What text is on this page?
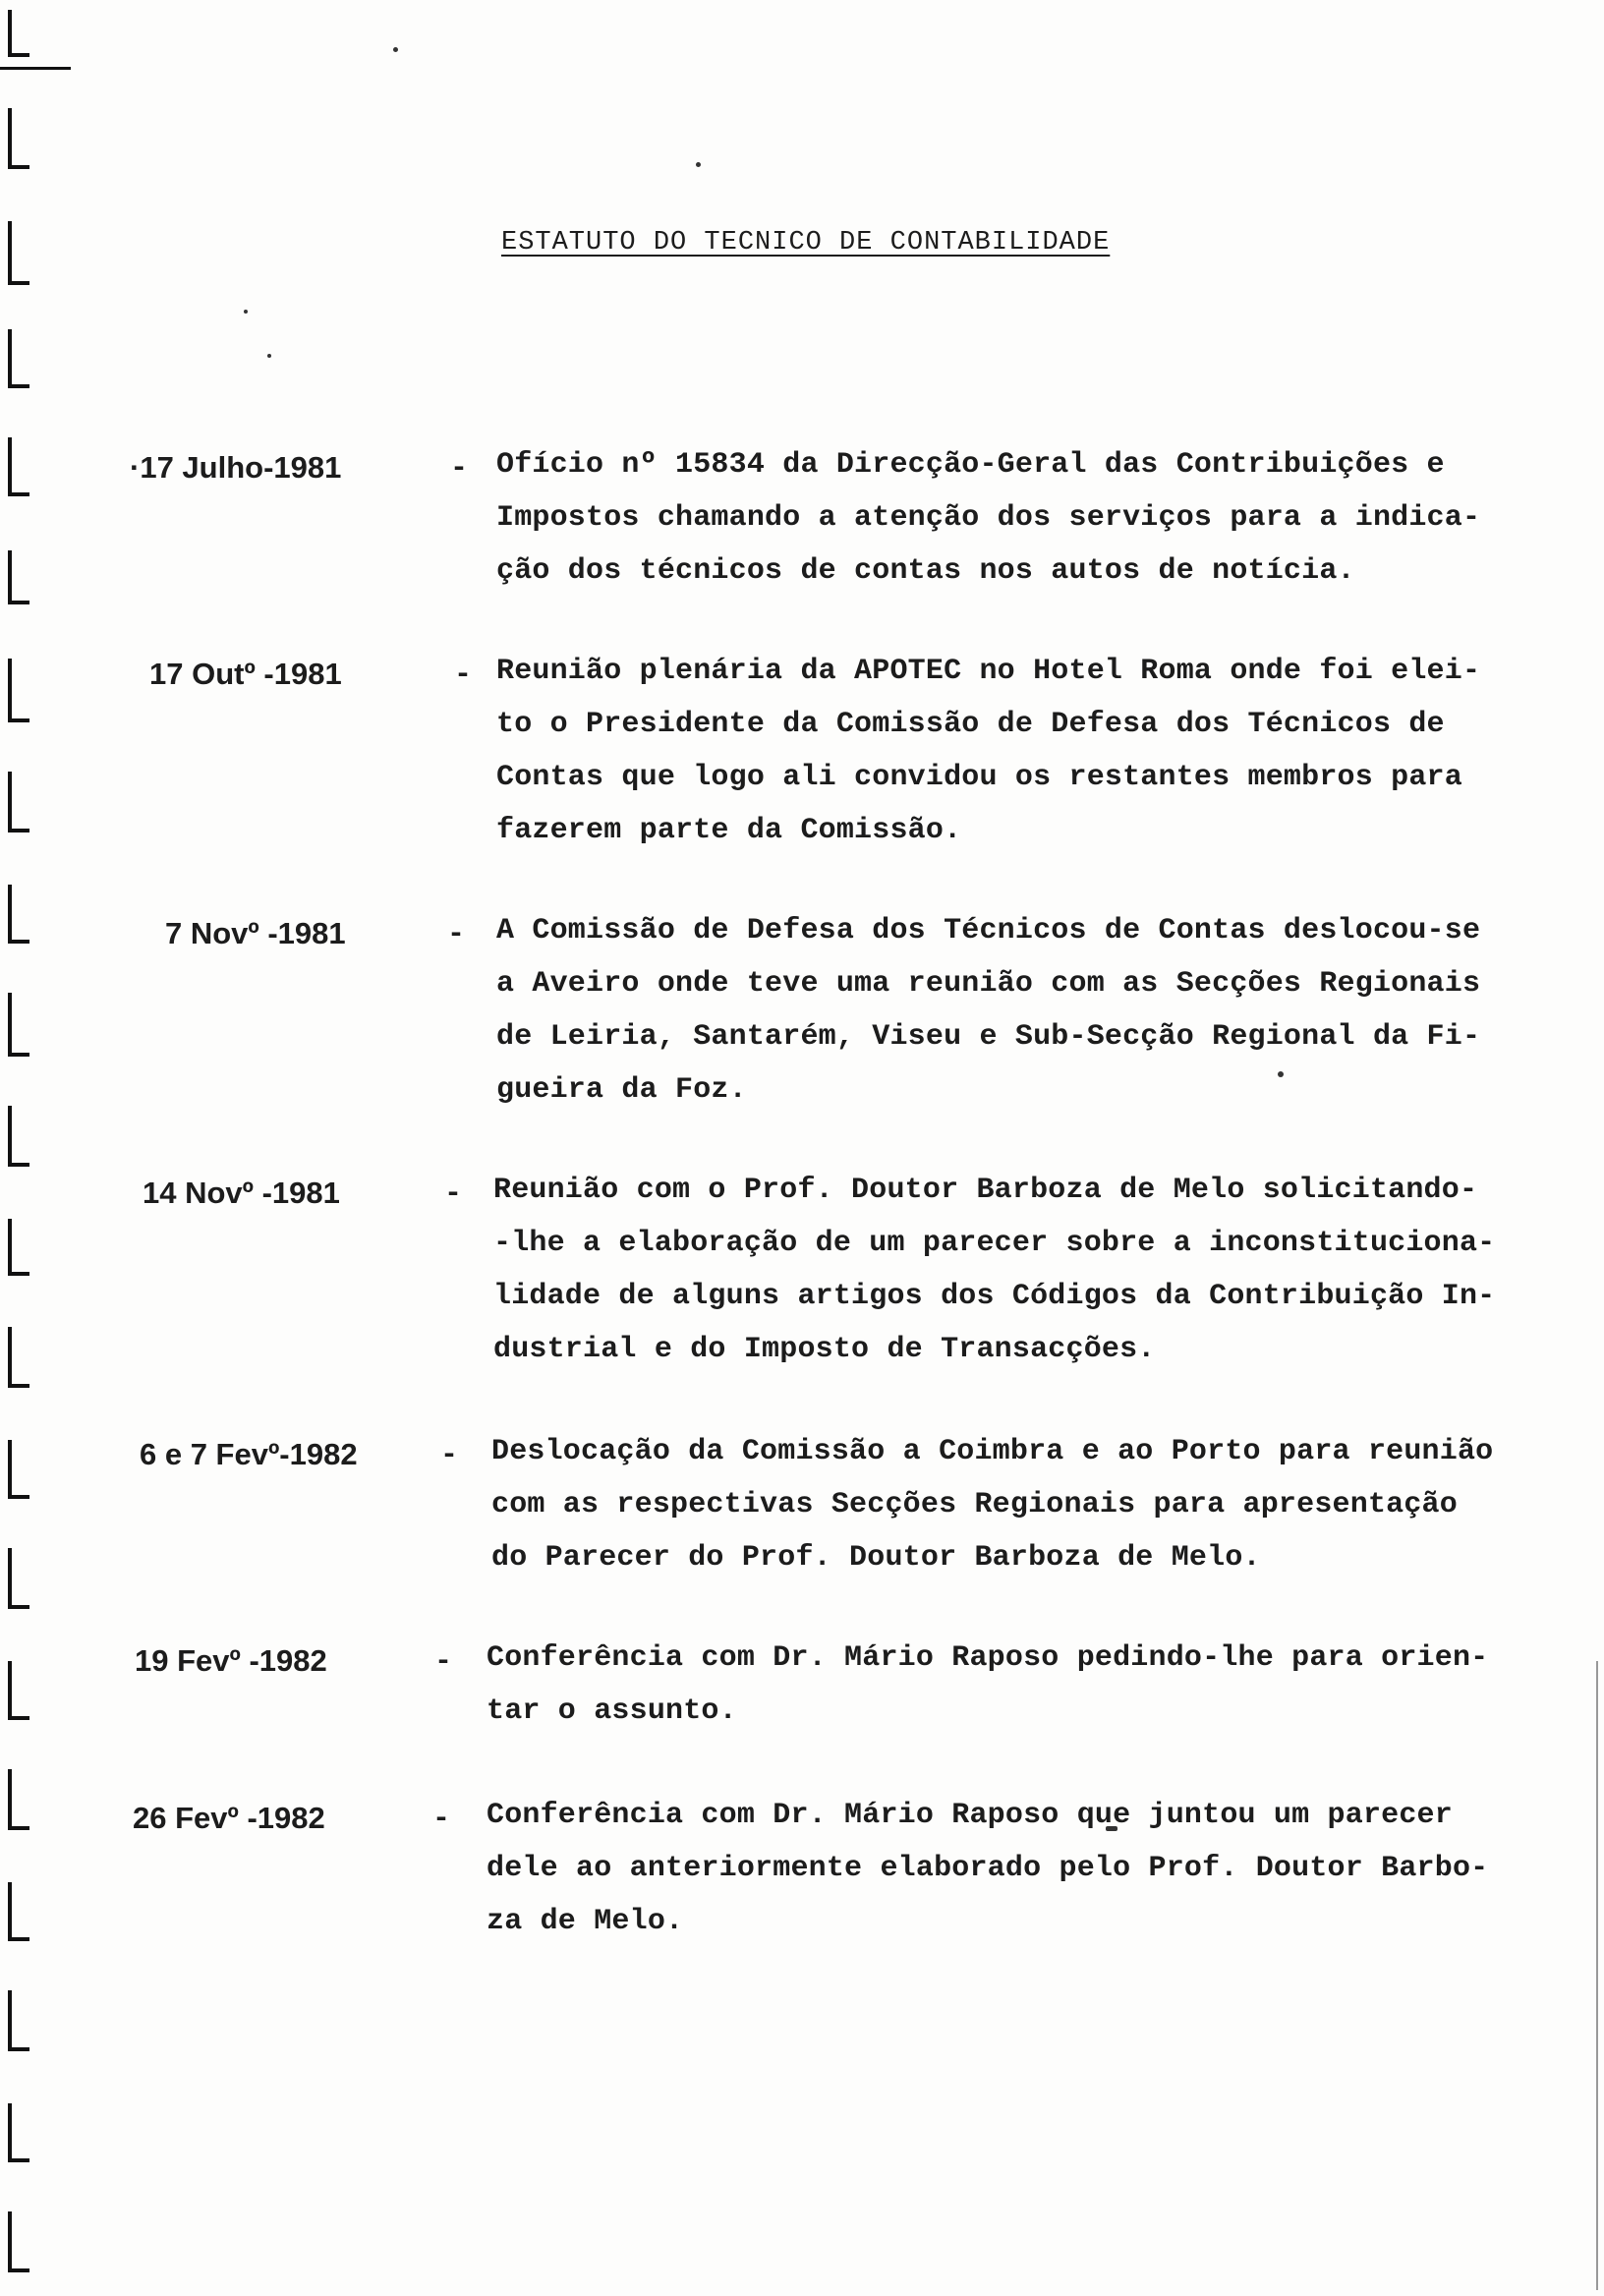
ESTATUTO DO TECNICO DE CONTABILIDADE
·17 Julho-1981	- Ofício nº 15834 da Direcção-Geral das Contribuições e
Impostos chamando a atenção dos serviços para a indica-
ção dos técnicos de contas nos autos de notícia.
17 Outº -1981	- Reunião plenária da APOTEC no Hotel Roma onde foi elei-
to o Presidente da Comissão de Defesa dos Técnicos de
Contas que logo ali convidou os restantes membros para
fazerem parte da Comissão.
7 Novº -1981	- A Comissão de Defesa dos Técnicos de Contas deslocou-se
a Aveiro onde teve uma reunião com as Secções Regionais
de Leiria, Santarém, Viseu e Sub-Secção Regional da Fi-
gueira da Foz.
14 Novº -1981	- Reunião com o Prof. Doutor Barboza de Melo solicitando-
-lhe a elaboração de um parecer sobre a inconstituciona-
lidade de alguns artigos dos Códigos da Contribuição In-
dustrial e do Imposto de Transacções.
6 e 7 Fevº-1982	- Deslocação da Comissão a Coimbra e ao Porto para reunião
com as respectivas Secções Regionais para apresentação
do Parecer do Prof. Doutor Barboza de Melo.
19 Fevº -1982	- Conferência com Dr. Mário Raposo pedindo-lhe para orien-
tar o assunto.
26 Fevº -1982	- Conferência com Dr. Mário Raposo que juntou um parecer
dele ao anteriormente elaborado pelo Prof. Doutor Barbo-
za de Melo.
